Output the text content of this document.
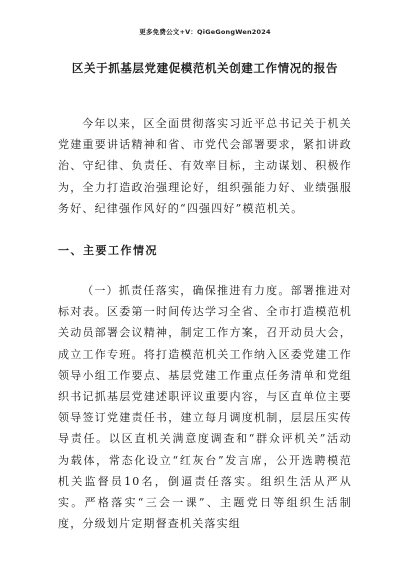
更多免费公文+V：QiGeGongWen2024
区关于抓基层党建促模范机关创建工作情况的报告
今年以来，区全面贯彻落实习近平总书记关于机关党建重要讲话精神和省、市党代会部署要求，紧扣讲政治、守纪律、负责任、有效率目标，主动谋划、积极作为，全力打造政治强理论好，组织强能力好、业绩强服务好、纪律强作风好的“四强四好”模范机关。
一、主要工作情况
（一）抓责任落实，确保推进有力度。部署推进对标对表。区委第一时间传达学习全省、全市打造模范机关动员部署会议精神，制定工作方案，召开动员大会，成立工作专班。将打造模范机关工作纳入区委党建工作领导小组工作要点、基层党建工作重点任务清单和党组织书记抓基层党建述职评议重要内容，与区直单位主要领导签订党建责任书，建立每月调度机制，层层压实传导责任。以区直机关满意度调查和“群众评机关”活动为载体，常态化设立“红灰台”发言席，公开选聘模范机关监督员10名，倒逼责任落实。组织生活从严从实。严格落实“三会一课”、主题党日等组织生活制度，分级划片定期督查机关落实组
